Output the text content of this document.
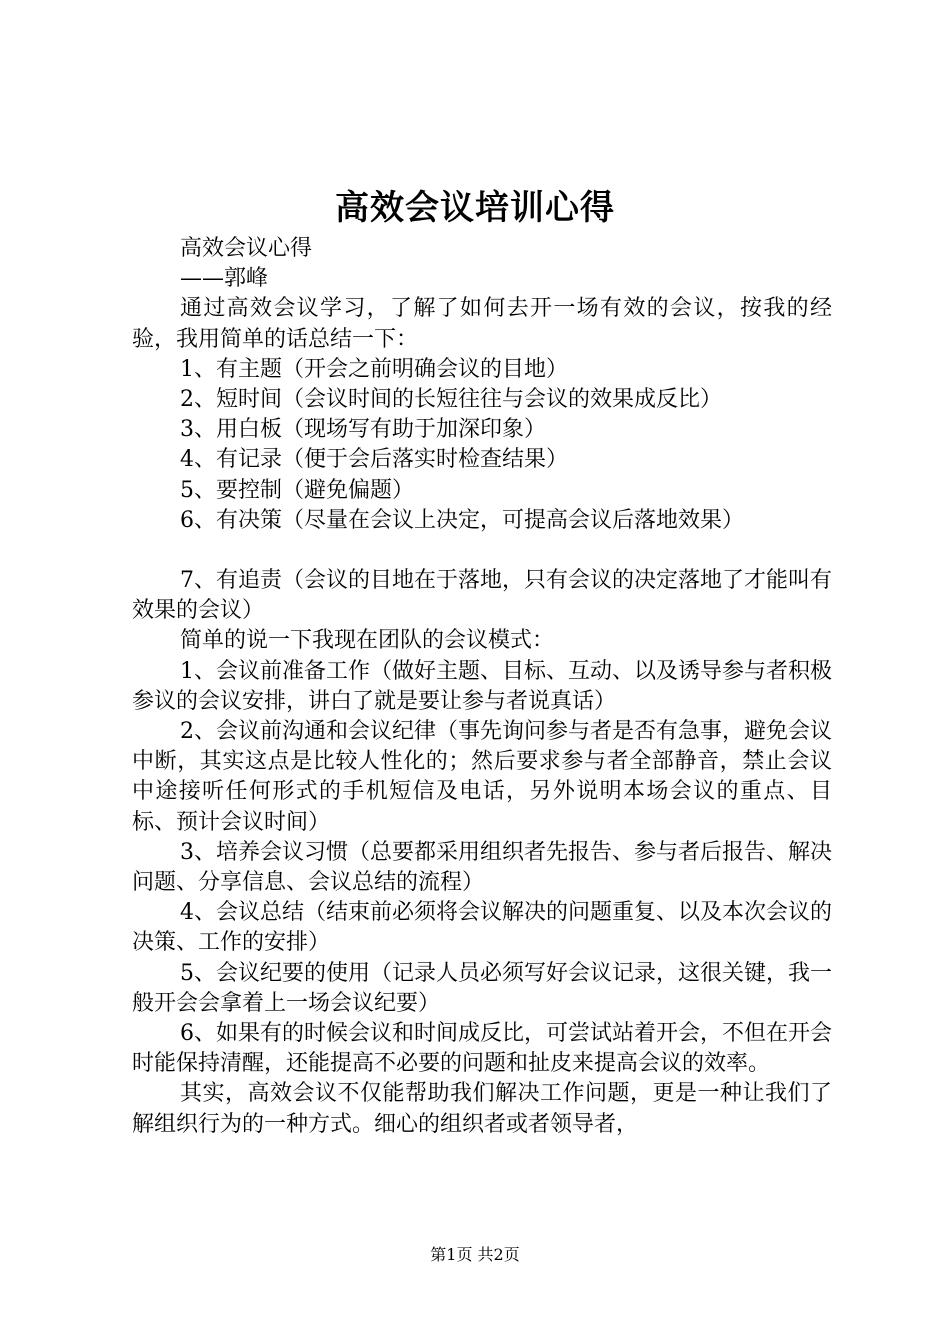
高效会议培训心得

高效会议心得

——郭峰

通过高效会议学习，了解了如何去开一场有效的会议，按我的经验，我用简单的话总结一下：

1、有主题（开会之前明确会议的目地）

2、短时间（会议时间的长短往往与会议的效果成反比）

3、用白板（现场写有助于加深印象）

4、有记录（便于会后落实时检查结果）

5、要控制（避免偏题）

6、有决策（尽量在会议上决定，可提高会议后落地效果）

7、有追责（会议的目地在于落地，只有会议的决定落地了才能叫有效果的会议）

简单的说一下我现在团队的会议模式：

1、会议前准备工作（做好主题、目标、互动、以及诱导参与者积极参议的会议安排，讲白了就是要让参与者说真话）

2、会议前沟通和会议纪律（事先询问参与者是否有急事，避免会议中断，其实这点是比较人性化的；然后要求参与者全部静音，禁止会议中途接听任何形式的手机短信及电话，另外说明本场会议的重点、目标、预计会议时间）

3、培养会议习惯（总要都采用组织者先报告、参与者后报告、解决问题、分享信息、会议总结的流程）

4、会议总结（结束前必须将会议解决的问题重复、以及本次会议的决策、工作的安排）

5、会议纪要的使用（记录人员必须写好会议记录，这很关键，我一般开会会拿着上一场会议纪要）

6、如果有的时候会议和时间成反比，可尝试站着开会，不但在开会时能保持清醒，还能提高不必要的问题和扯皮来提高会议的效率。

其实，高效会议不仅能帮助我们解决工作问题，更是一种让我们了解组织行为的一种方式。细心的组织者或者领导者，

第1页 共2页
